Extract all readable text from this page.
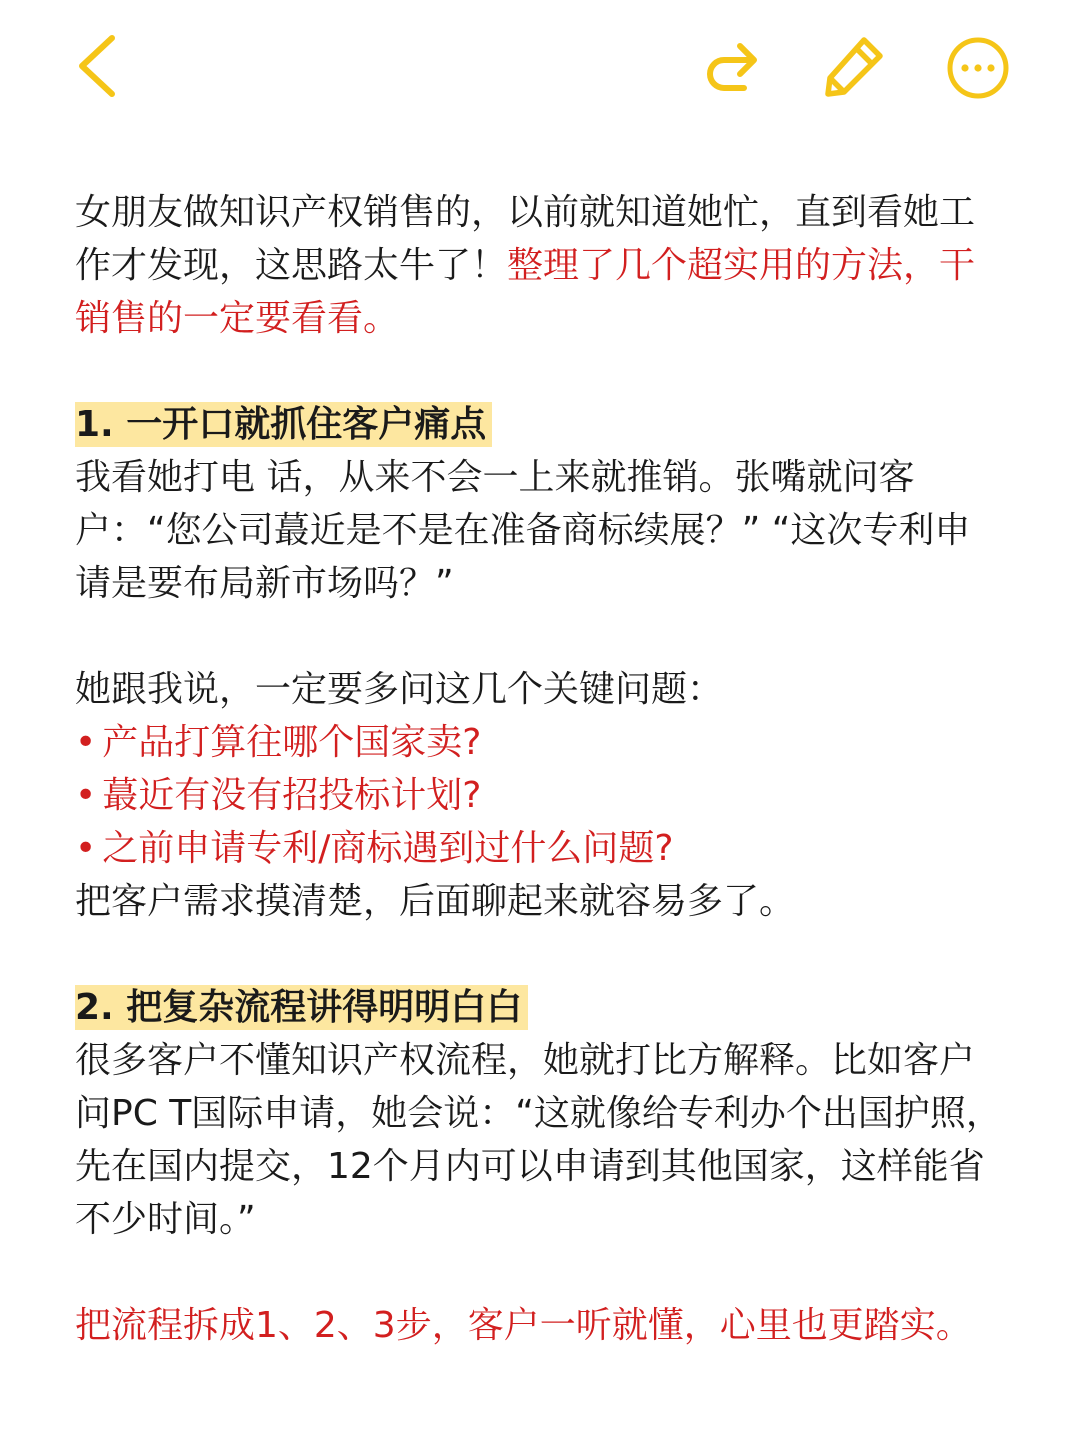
女朋友做知识产权销售的，以前就知道她忙，直到看她工作才发现，这思路太牛了！整理了几个超实用的方法，干销售的一定要看看。

1. 一开口就抓住客户痛点

我看她打电 话，从来不会一上来就推销。张嘴就问客户：“您公司蕞近是不是在准备商标续展？” “这次专利申请是要布局新市场吗？”

她跟我说，一定要多问这几个关键问题：

• 产品打算往哪个国家卖?
• 蕞近有没有招投标计划?
• 之前申请专利/商标遇到过什么问题?

把客户需求摸清楚，后面聊起来就容易多了。

2. 把复杂流程讲得明明白白

很多客户不懂知识产权流程，她就打比方解释。比如客户问PC T国际申请，她会说：“这就像给专利办个出国护照，先在国内提交，12个月内可以申请到其他国家，这样能省不少时间。”

把流程拆成1、2、3步，客户一听就懂，心里也更踏实。
